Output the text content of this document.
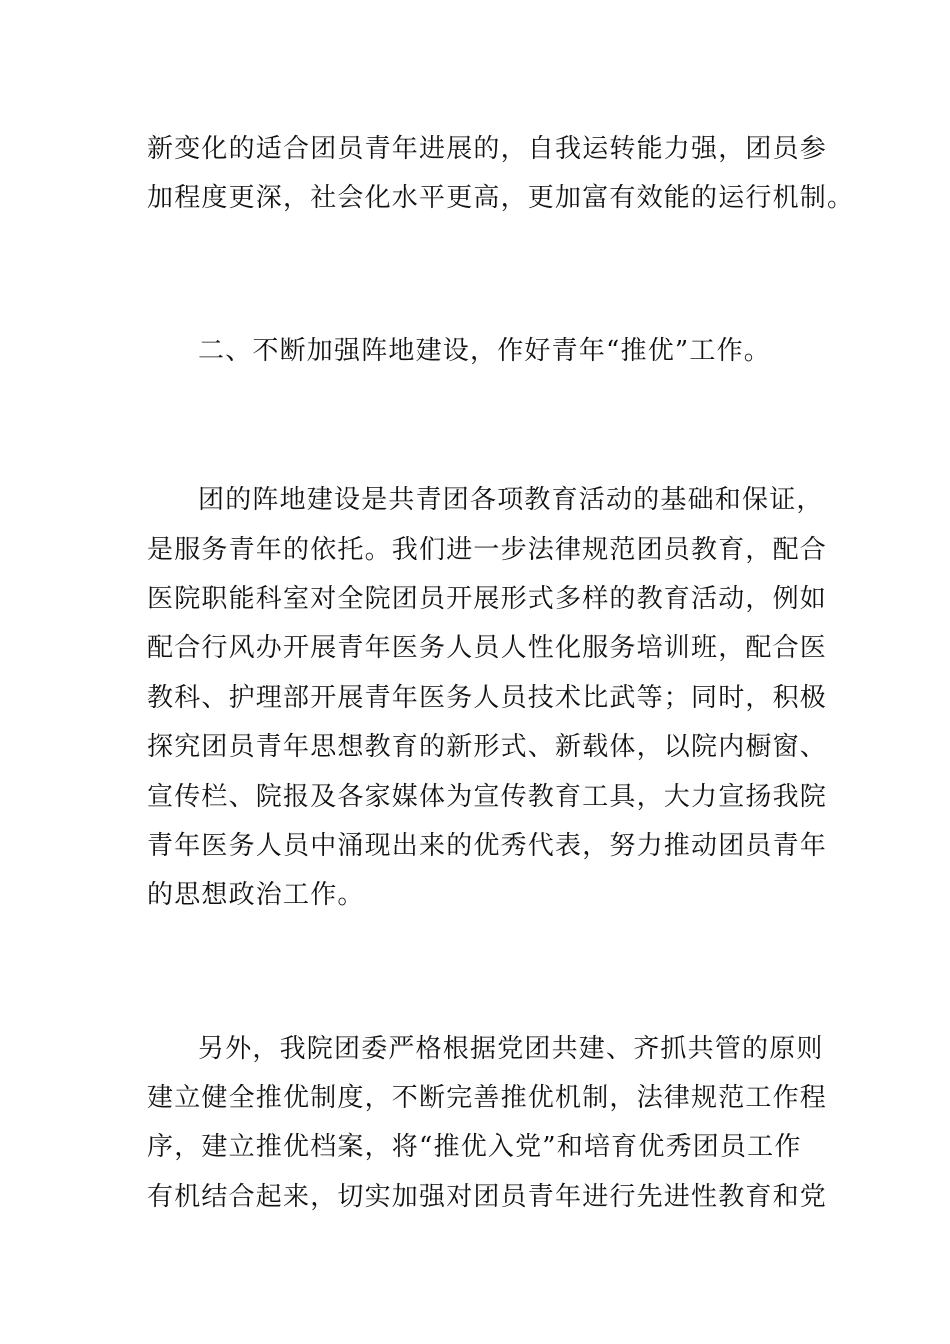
新变化的适合团员青年进展的，自我运转能力强，团员参
加程度更深，社会化水平更高，更加富有效能的运行机制。
二、不断加强阵地建设，作好青年“推优”工作。
团的阵地建设是共青团各项教育活动的基础和保证，
是服务青年的依托。我们进一步法律规范团员教育，配合
医院职能科室对全院团员开展形式多样的教育活动，例如
配合行风办开展青年医务人员人性化服务培训班，配合医
教科、护理部开展青年医务人员技术比武等；同时，积极
探究团员青年思想教育的新形式、新载体，以院内橱窗、
宣传栏、院报及各家媒体为宣传教育工具，大力宣扬我院
青年医务人员中涌现出来的优秀代表，努力推动团员青年
的思想政治工作。
另外，我院团委严格根据党团共建、齐抓共管的原则
建立健全推优制度，不断完善推优机制，法律规范工作程
序，建立推优档案，将“推优入党”和培育优秀团员工作
有机结合起来，切实加强对团员青年进行先进性教育和党
